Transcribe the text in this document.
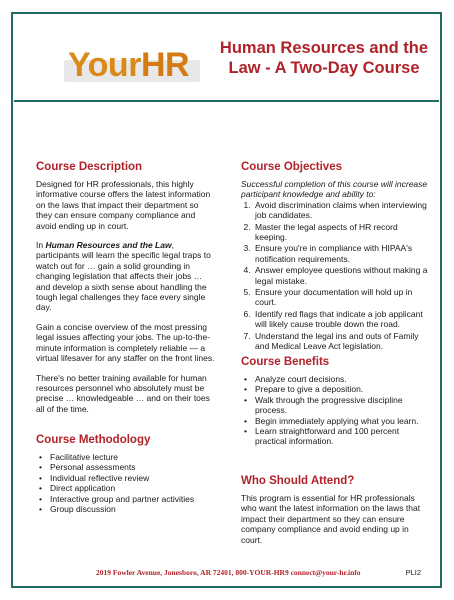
YourHR	Human Resources and the
Law - A Two-Day Course
Course Description

Designed for HR professionals, this highly informative course offers the latest information on the laws that impact their department so they can ensure company compliance and avoid ending up in court.

In Human Resources and the Law, participants will learn the specific legal traps to watch out for … gain a solid grounding in changing legislation that affects their jobs … and develop a sixth sense about handling the tough legal challenges they face every single day.

Gain a concise overview of the most pressing legal issues affecting your jobs. The up-to-the-minute information is completely reliable — a virtual lifesaver for any staffer on the front lines.

There's no better training available for human resources personnel who absolutely must be precise … knowledgeable … and on their toes all of the time.

Course Methodology
• Facilitative lecture
• Personal assessments
• Individual reflective review
• Direct application
• Interactive group and partner activities
• Group discussion
Course Objectives

Successful completion of this course will increase participant knowledge and ability to:

1. Avoid discrimination claims when interviewing job candidates.
2. Master the legal aspects of HR record keeping.
3. Ensure you're in compliance with HIPAA's notification requirements.
4. Answer employee questions without making a legal mistake.
5. Ensure your documentation will hold up in court.
6. Identify red flags that indicate a job applicant will likely cause trouble down the road.
7. Understand the legal ins and outs of Family and Medical Leave Act legislation.
Course Benefits
• Analyze court decisions.
• Prepare to give a deposition.
• Walk through the progressive discipline process.
• Begin immediately applying what you learn.
• Learn straightforward and 100 percent practical information.
Who Should Attend?

This program is essential for HR professionals who want the latest information on the laws that impact their department so they can ensure company compliance and avoid ending up in court.

2019 Fowler Avenue, Jonesboro, AR 72401, 800-YOUR-HR9 connect@your-hr.info	PLI2
